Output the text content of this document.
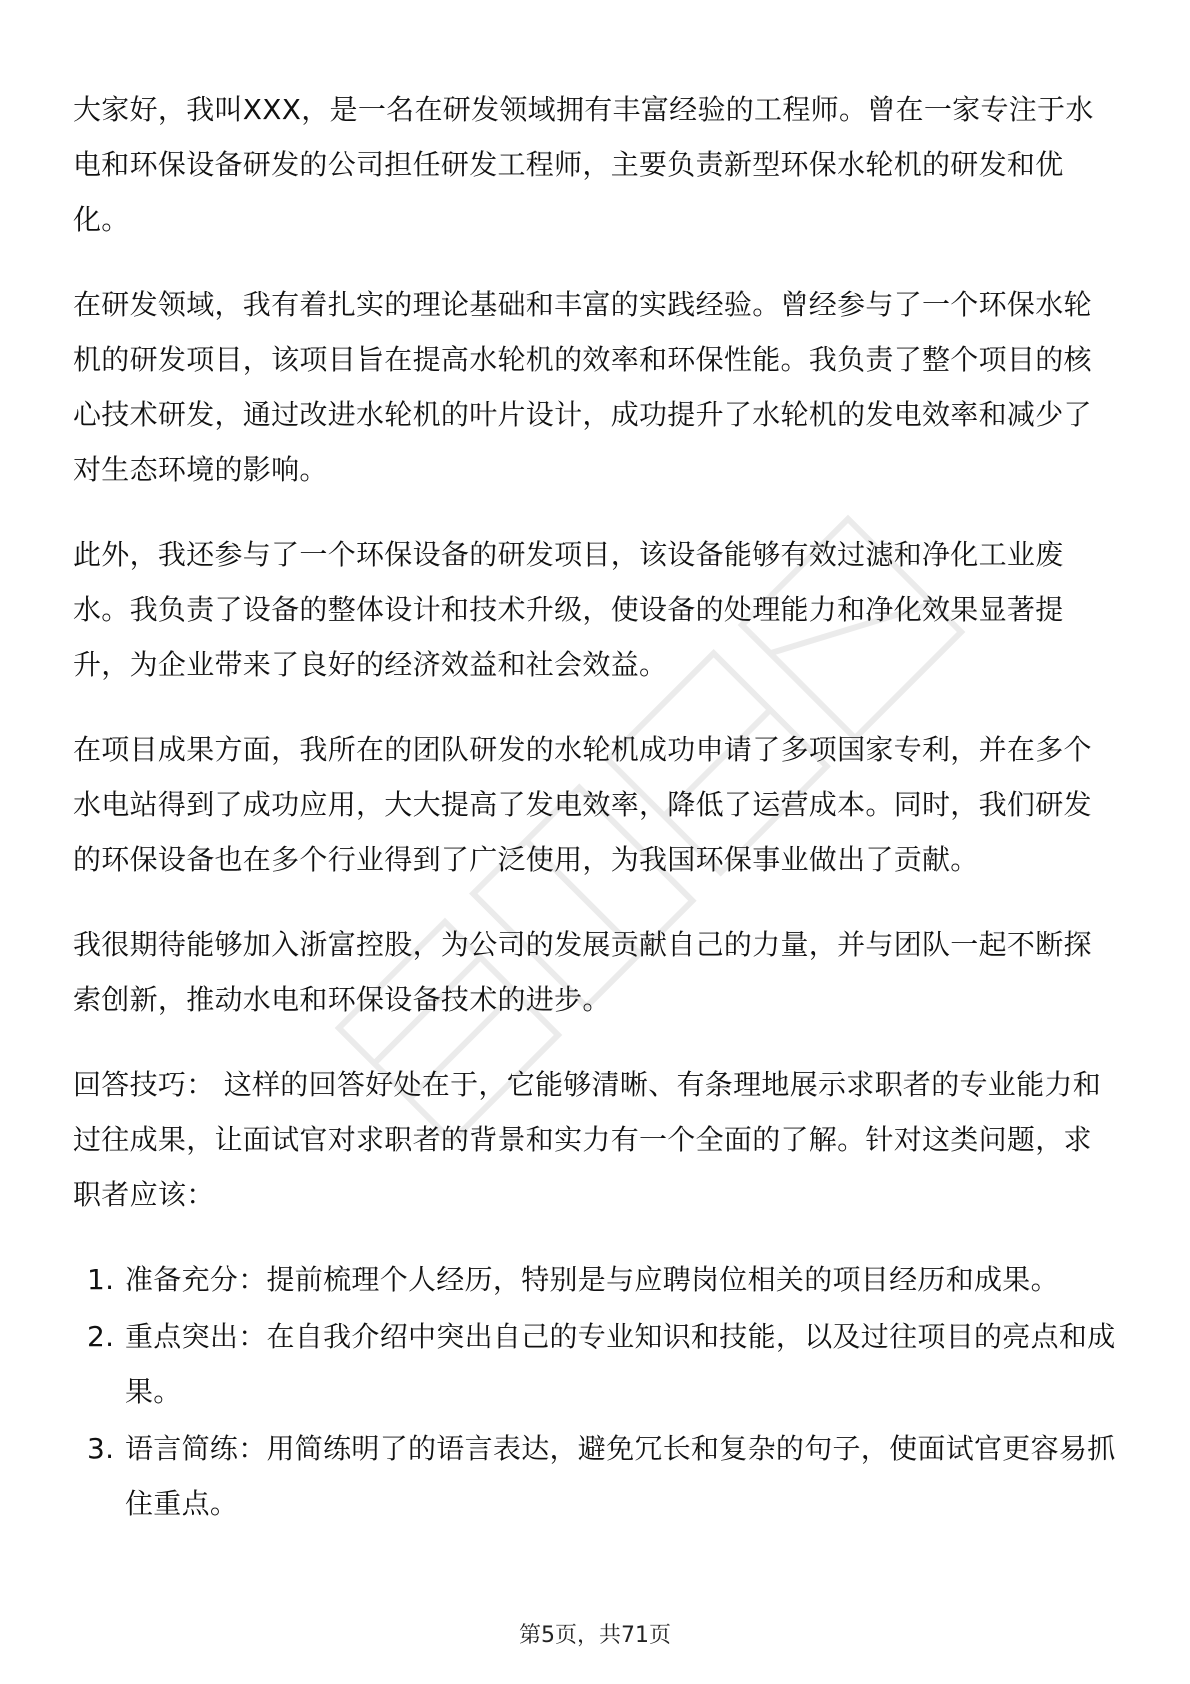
大家好，我叫XXX，是一名在研发领域拥有丰富经验的工程师。曾在一家专注于水电和环保设备研发的公司担任研发工程师，主要负责新型环保水轮机的研发和优化。

在研发领域，我有着扎实的理论基础和丰富的实践经验。曾经参与了一个环保水轮机的研发项目，该项目旨在提高水轮机的效率和环保性能。我负责了整个项目的核心技术研发，通过改进水轮机的叶片设计，成功提升了水轮机的发电效率和减少了对生态环境的影响。

此外，我还参与了一个环保设备的研发项目，该设备能够有效过滤和净化工业废水。我负责了设备的整体设计和技术升级，使设备的处理能力和净化效果显著提升，为企业带来了良好的经济效益和社会效益。

在项目成果方面，我所在的团队研发的水轮机成功申请了多项国家专利，并在多个水电站得到了成功应用，大大提高了发电效率，降低了运营成本。同时，我们研发的环保设备也在多个行业得到了广泛使用，为我国环保事业做出了贡献。

我很期待能够加入浙富控股，为公司的发展贡献自己的力量，并与团队一起不断探索创新，推动水电和环保设备技术的进步。

回答技巧： 这样的回答好处在于，它能够清晰、有条理地展示求职者的专业能力和过往成果，让面试官对求职者的背景和实力有一个全面的了解。针对这类问题，求职者应该：

1. 准备充分：提前梳理个人经历，特别是与应聘岗位相关的项目经历和成果。
2. 重点突出：在自我介绍中突出自己的专业知识和技能，以及过往项目的亮点和成果。
3. 语言简练：用简练明了的语言表达，避免冗长和复杂的句子，使面试官更容易抓住重点。
第5页，共71页
